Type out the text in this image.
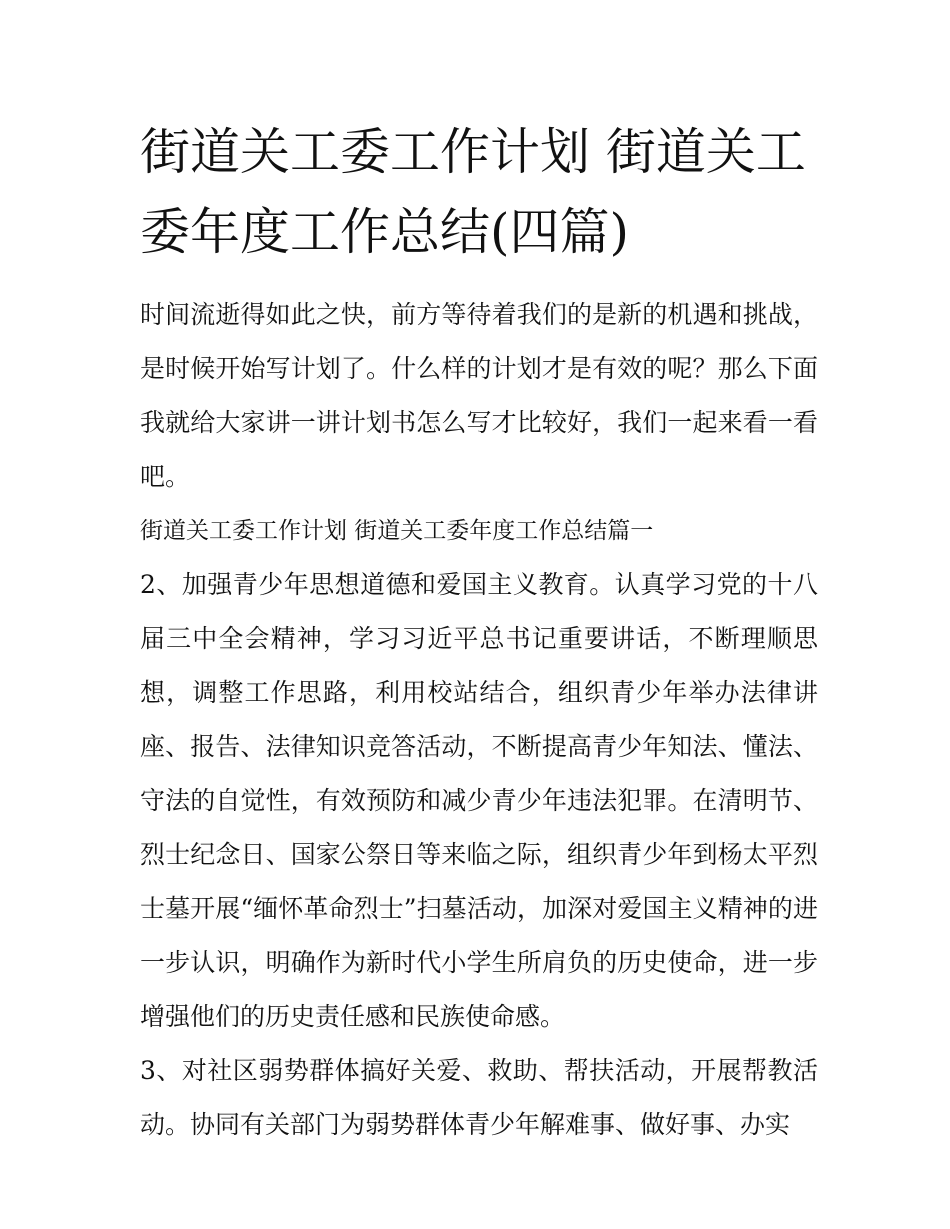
街道关工委工作计划 街道关工委年度工作总结(四篇)

时间流逝得如此之快，前方等待着我们的是新的机遇和挑战，是时候开始写计划了。什么样的计划才是有效的呢？那么下面我就给大家讲一讲计划书怎么写才比较好，我们一起来看一看吧。

街道关工委工作计划 街道关工委年度工作总结篇一

2、加强青少年思想道德和爱国主义教育。认真学习党的十八届三中全会精神，学习习近平总书记重要讲话，不断理顺思想，调整工作思路，利用校站结合，组织青少年举办法律讲座、报告、法律知识竞答活动，不断提高青少年知法、懂法、守法的自觉性，有效预防和减少青少年违法犯罪。在清明节、烈士纪念日、国家公祭日等来临之际，组织青少年到杨太平烈士墓开展“缅怀革命烈士”扫墓活动，加深对爱国主义精神的进一步认识，明确作为新时代小学生所肩负的历史使命，进一步增强他们的历史责任感和民族使命感。

3、对社区弱势群体搞好关爱、救助、帮扶活动，开展帮教活动。协同有关部门为弱势群体青少年解难事、做好事、办实
